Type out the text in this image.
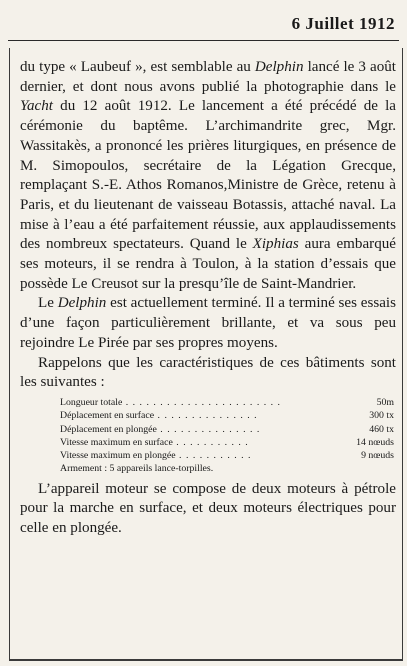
6 Juillet 1912

du type « Laubeuf », est semblable au Delphin lancé le 3 août dernier, et dont nous avons publié la photographie dans le Yacht du 12 août 1912. Le lancement a été précédé de la cérémonie du baptême. L’archimandrite grec, Mgr. Wassitakès, a prononcé les prières liturgiques, en présence de M. Simopoulos, secrétaire de la Légation Grecque, remplaçant S.-E. Athos Romanos,Ministre de Grèce, retenu à Paris, et du lieutenant de vaisseau Botassis, attaché naval. La mise à l’eau a été parfaitement réussie, aux applaudissements des nombreux spectateurs. Quand le Xiphias aura embarqué ses moteurs, il se rendra à Toulon, à la station d’essais que possède Le Creusot sur la presqu’île de Saint-Mandrier.

Le Delphin est actuellement terminé. Il a terminé ses essais d’une façon particulièrement brillante, et va sous peu rejoindre Le Pirée par ses propres moyens.

Rappelons que les caractéristiques de ces bâtiments sont les suivantes :

Longueur totale . . . . . . . . . . . . . . . . . . . . . . .	50m
Déplacement en surface . . . . . . . . . . . . . . .	300 tx
Déplacement en plongée . . . . . . . . . . . . . . .	460 tx
Vitesse maximum en surface . . . . . . . . . . .	14 nœuds
Vitesse maximum en plongée . . . . . . . . . . .	9 nœuds
Armement : 5 appareils lance-torpilles.

L’appareil moteur se compose de deux moteurs à pétrole pour la marche en surface, et deux moteurs électriques pour celle en plongée.
